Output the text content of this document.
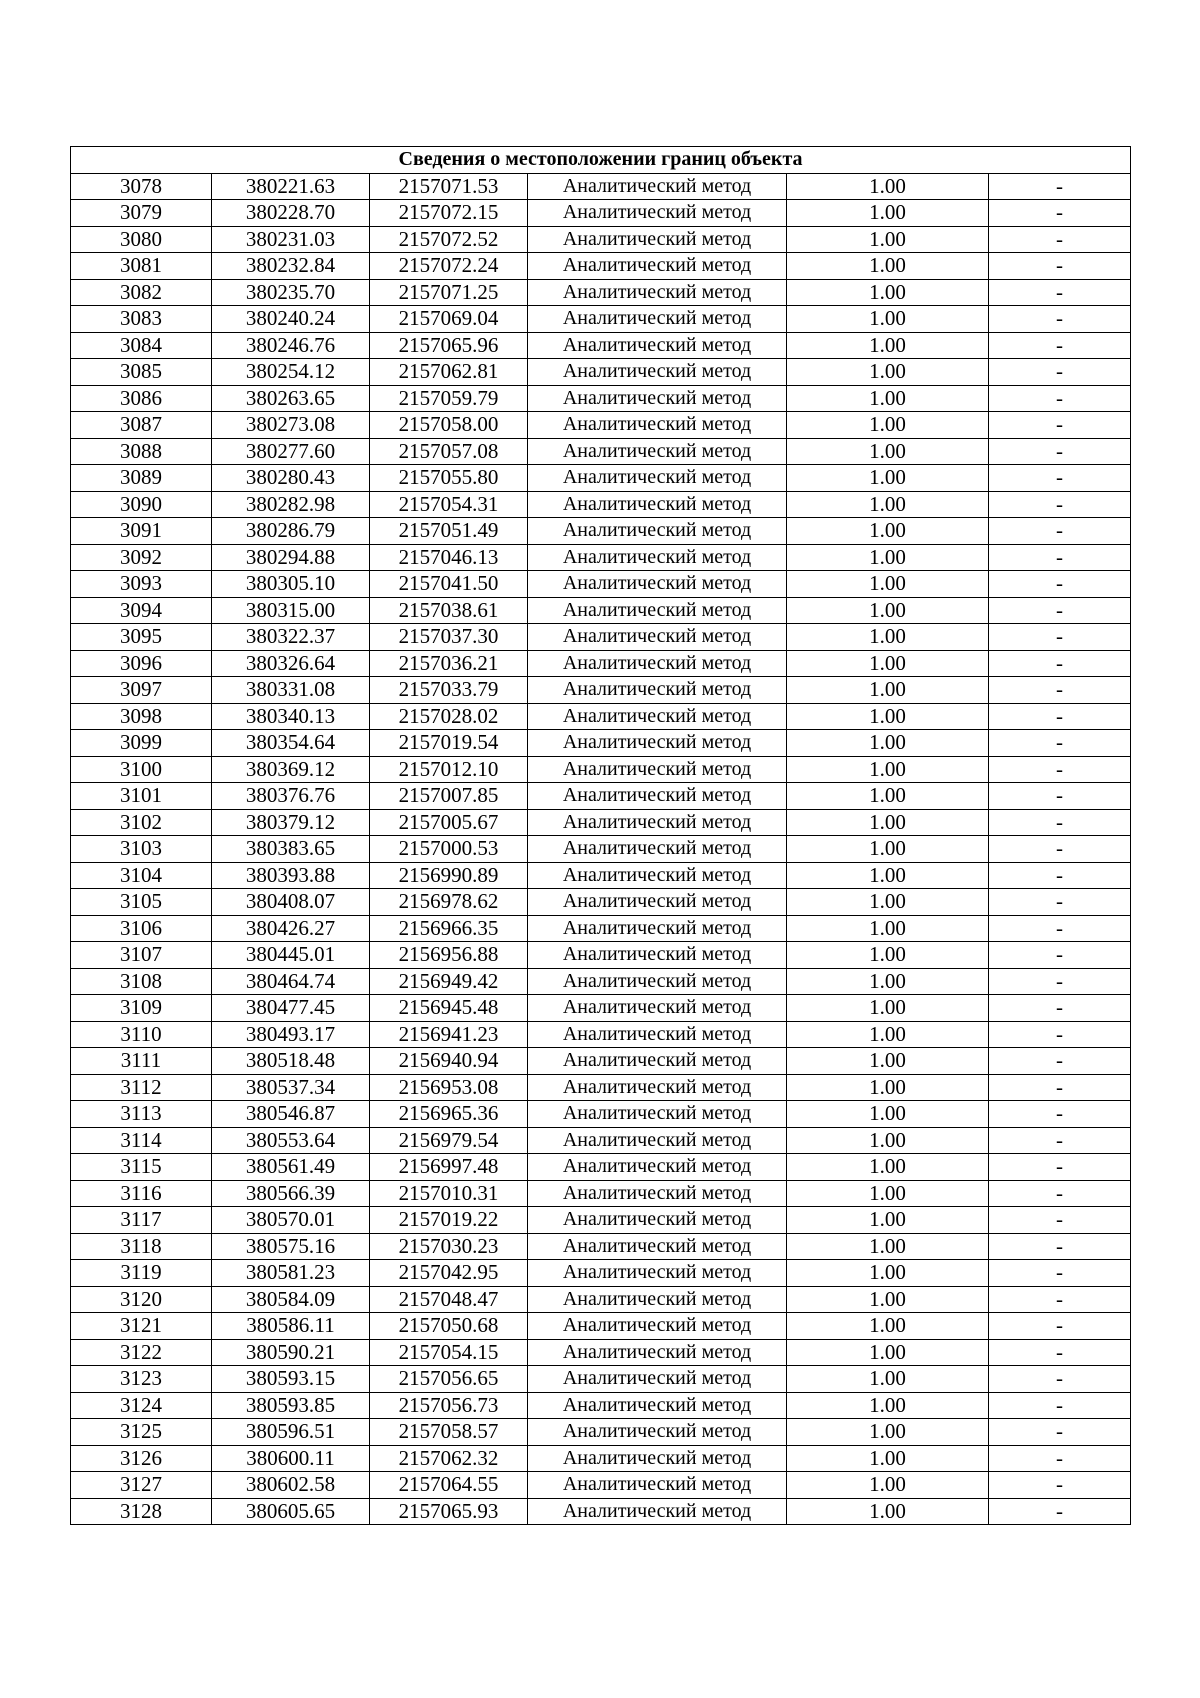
Сведения о местоположении границ объекта					
3078	380221.63	2157071.53	Аналитический метод	1.00	-
3079	380228.70	2157072.15	Аналитический метод	1.00	-
3080	380231.03	2157072.52	Аналитический метод	1.00	-
3081	380232.84	2157072.24	Аналитический метод	1.00	-
3082	380235.70	2157071.25	Аналитический метод	1.00	-
3083	380240.24	2157069.04	Аналитический метод	1.00	-
3084	380246.76	2157065.96	Аналитический метод	1.00	-
3085	380254.12	2157062.81	Аналитический метод	1.00	-
3086	380263.65	2157059.79	Аналитический метод	1.00	-
3087	380273.08	2157058.00	Аналитический метод	1.00	-
3088	380277.60	2157057.08	Аналитический метод	1.00	-
3089	380280.43	2157055.80	Аналитический метод	1.00	-
3090	380282.98	2157054.31	Аналитический метод	1.00	-
3091	380286.79	2157051.49	Аналитический метод	1.00	-
3092	380294.88	2157046.13	Аналитический метод	1.00	-
3093	380305.10	2157041.50	Аналитический метод	1.00	-
3094	380315.00	2157038.61	Аналитический метод	1.00	-
3095	380322.37	2157037.30	Аналитический метод	1.00	-
3096	380326.64	2157036.21	Аналитический метод	1.00	-
3097	380331.08	2157033.79	Аналитический метод	1.00	-
3098	380340.13	2157028.02	Аналитический метод	1.00	-
3099	380354.64	2157019.54	Аналитический метод	1.00	-
3100	380369.12	2157012.10	Аналитический метод	1.00	-
3101	380376.76	2157007.85	Аналитический метод	1.00	-
3102	380379.12	2157005.67	Аналитический метод	1.00	-
3103	380383.65	2157000.53	Аналитический метод	1.00	-
3104	380393.88	2156990.89	Аналитический метод	1.00	-
3105	380408.07	2156978.62	Аналитический метод	1.00	-
3106	380426.27	2156966.35	Аналитический метод	1.00	-
3107	380445.01	2156956.88	Аналитический метод	1.00	-
3108	380464.74	2156949.42	Аналитический метод	1.00	-
3109	380477.45	2156945.48	Аналитический метод	1.00	-
3110	380493.17	2156941.23	Аналитический метод	1.00	-
3111	380518.48	2156940.94	Аналитический метод	1.00	-
3112	380537.34	2156953.08	Аналитический метод	1.00	-
3113	380546.87	2156965.36	Аналитический метод	1.00	-
3114	380553.64	2156979.54	Аналитический метод	1.00	-
3115	380561.49	2156997.48	Аналитический метод	1.00	-
3116	380566.39	2157010.31	Аналитический метод	1.00	-
3117	380570.01	2157019.22	Аналитический метод	1.00	-
3118	380575.16	2157030.23	Аналитический метод	1.00	-
3119	380581.23	2157042.95	Аналитический метод	1.00	-
3120	380584.09	2157048.47	Аналитический метод	1.00	-
3121	380586.11	2157050.68	Аналитический метод	1.00	-
3122	380590.21	2157054.15	Аналитический метод	1.00	-
3123	380593.15	2157056.65	Аналитический метод	1.00	-
3124	380593.85	2157056.73	Аналитический метод	1.00	-
3125	380596.51	2157058.57	Аналитический метод	1.00	-
3126	380600.11	2157062.32	Аналитический метод	1.00	-
3127	380602.58	2157064.55	Аналитический метод	1.00	-
3128	380605.65	2157065.93	Аналитический метод	1.00	-
